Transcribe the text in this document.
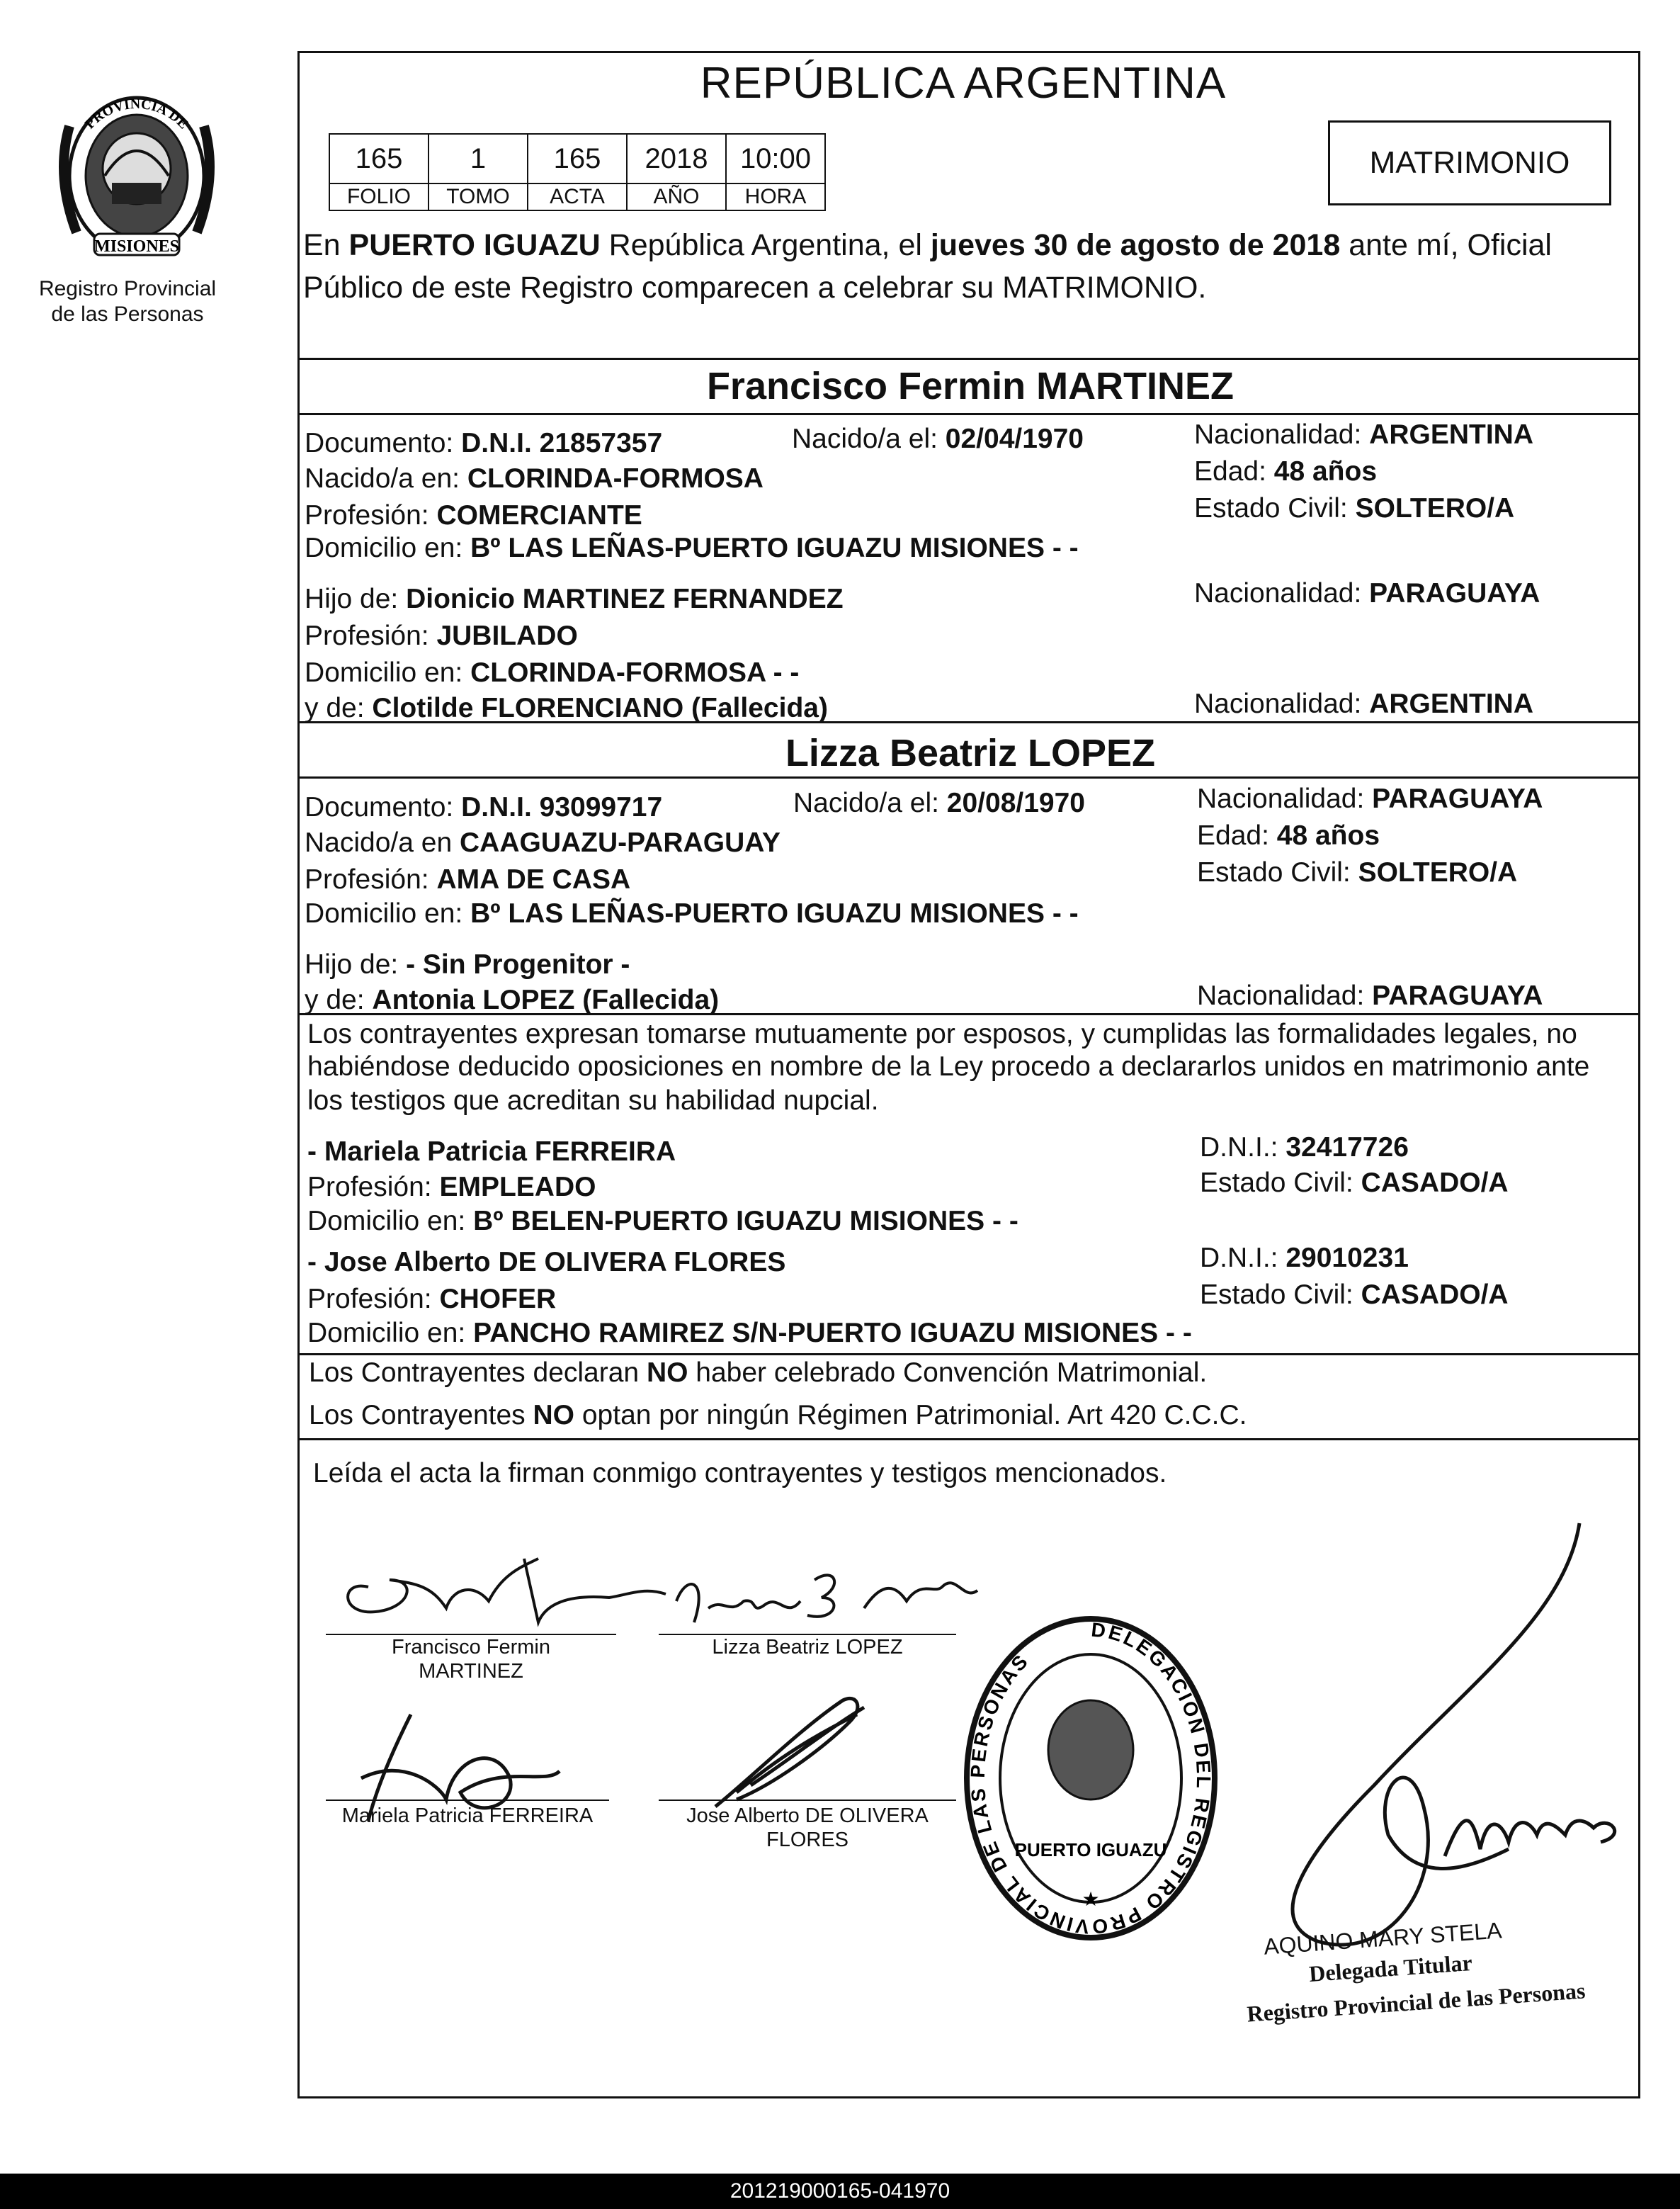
MISIONES
PROVINCIA DE
Registro Provincial de las Personas
REPÚBLICA ARGENTINA
165	1	165	2018	10:00
FOLIO	TOMO	ACTA	AÑO	HORA
MATRIMONIO
En PUERTO IGUAZU República Argentina, el jueves 30 de agosto de 2018 ante mí, Oficial Público de este Registro comparecen a celebrar su MATRIMONIO.
Francisco Fermin MARTINEZ
Documento: D.N.I. 21857357	Nacido/a el: 02/04/1970	Nacionalidad: ARGENTINA
Nacido/a en: CLORINDA-FORMOSA	Edad: 48 años
Profesión: COMERCIANTE	Estado Civil: SOLTERO/A
Domicilio en: Bº LAS LEÑAS-PUERTO IGUAZU MISIONES - -
Hijo de: Dionicio MARTINEZ FERNANDEZ	Nacionalidad: PARAGUAYA
Profesión: JUBILADO
Domicilio en: CLORINDA-FORMOSA - -
y de: Clotilde FLORENCIANO (Fallecida)	Nacionalidad: ARGENTINA
Lizza Beatriz LOPEZ
Documento: D.N.I. 93099717	Nacido/a el: 20/08/1970	Nacionalidad: PARAGUAYA
Nacido/a en CAAGUAZU-PARAGUAY	Edad: 48 años
Profesión: AMA DE CASA	Estado Civil: SOLTERO/A
Domicilio en: Bº LAS LEÑAS-PUERTO IGUAZU MISIONES - -
Hijo de: - Sin Progenitor -
y de: Antonia LOPEZ (Fallecida)	Nacionalidad: PARAGUAYA
Los contrayentes expresan tomarse mutuamente por esposos, y cumplidas las formalidades legales, no
habiéndose deducido oposiciones en nombre de la Ley procedo a declararlos unidos en matrimonio ante
los testigos que acreditan su habilidad nupcial.
- Mariela Patricia FERREIRA	D.N.I.: 32417726
Profesión: EMPLEADO	Estado Civil: CASADO/A
Domicilio en: Bº BELEN-PUERTO IGUAZU MISIONES - -
- Jose Alberto DE OLIVERA FLORES	D.N.I.: 29010231
Profesión: CHOFER	Estado Civil: CASADO/A
Domicilio en: PANCHO RAMIREZ S/N-PUERTO IGUAZU MISIONES - -
Los Contrayentes declaran NO haber celebrado Convención Matrimonial.
Los Contrayentes NO optan por ningún Régimen Patrimonial. Art 420 C.C.C.
Leída el acta la firman conmigo contrayentes y testigos mencionados.
Francisco Fermin
MARTINEZ
Lizza Beatriz LOPEZ
Mariela Patricia FERREIRA	Jose Alberto DE OLIVERA
FLORES
DELEGACION DEL REGISTRO PROVINCIAL DE LAS PERSONAS
PUERTO IGUAZU
★
AQUINO MARY STELA
Delegada Titular
Registro Provincial de las Personas
201219000165-041970
